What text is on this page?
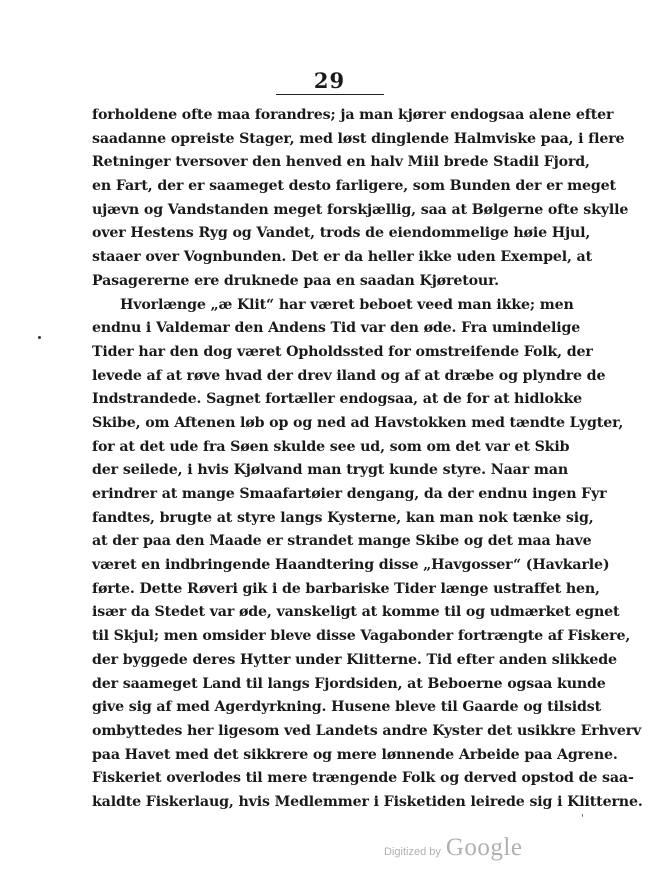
29
forholdene ofte maa forandres; ja man kjører endogsaa alene efter
saadanne opreiste Stager, med løst dinglende Halmviske paa, i flere
Retninger tversover den henved en halv Miil brede Stadil Fjord,
en Fart, der er saameget desto farligere, som Bunden der er meget
ujævn og Vandstanden meget forskjællig, saa at Bølgerne ofte skylle
over Hestens Ryg og Vandet, trods de eiendommelige høie Hjul,
staaer over Vognbunden. Det er da heller ikke uden Exempel, at
Pasagererne ere druknede paa en saadan Kjøretour.
Hvorlænge „æ Klit“ har været beboet veed man ikke; men
endnu i Valdemar den Andens Tid var den øde. Fra umindelige
Tider har den dog været Opholdssted for omstreifende Folk, der
levede af at røve hvad der drev iland og af at dræbe og plyndre de
Indstrandede. Sagnet fortæller endogsaa, at de for at hidlokke
Skibe, om Aftenen løb op og ned ad Havstokken med tændte Lygter,
for at det ude fra Søen skulde see ud, som om det var et Skib
der seilede, i hvis Kjølvand man trygt kunde styre. Naar man
erindrer at mange Smaafartøier dengang, da der endnu ingen Fyr
fandtes, brugte at styre langs Kysterne, kan man nok tænke sig,
at der paa den Maade er strandet mange Skibe og det maa have
været en indbringende Haandtering disse „Havgosser“ (Havkarle)
førte. Dette Røveri gik i de barbariske Tider længe ustraffet hen,
især da Stedet var øde, vanskeligt at komme til og udmærket egnet
til Skjul; men omsider bleve disse Vagabonder fortrængte af Fiskere,
der byggede deres Hytter under Klitterne. Tid efter anden slikkede
der saameget Land til langs Fjordsiden, at Beboerne ogsaa kunde
give sig af med Agerdyrkning. Husene bleve til Gaarde og tilsidst
ombyttedes her ligesom ved Landets andre Kyster det usikkre Erhverv
paa Havet med det sikkrere og mere lønnende Arbeide paa Agrene.
Fiskeriet overlodes til mere trængende Folk og derved opstod de saa-
kaldte Fiskerlaug, hvis Medlemmer i Fisketiden leirede sig i Klitterne.
’
Digitized by Google
